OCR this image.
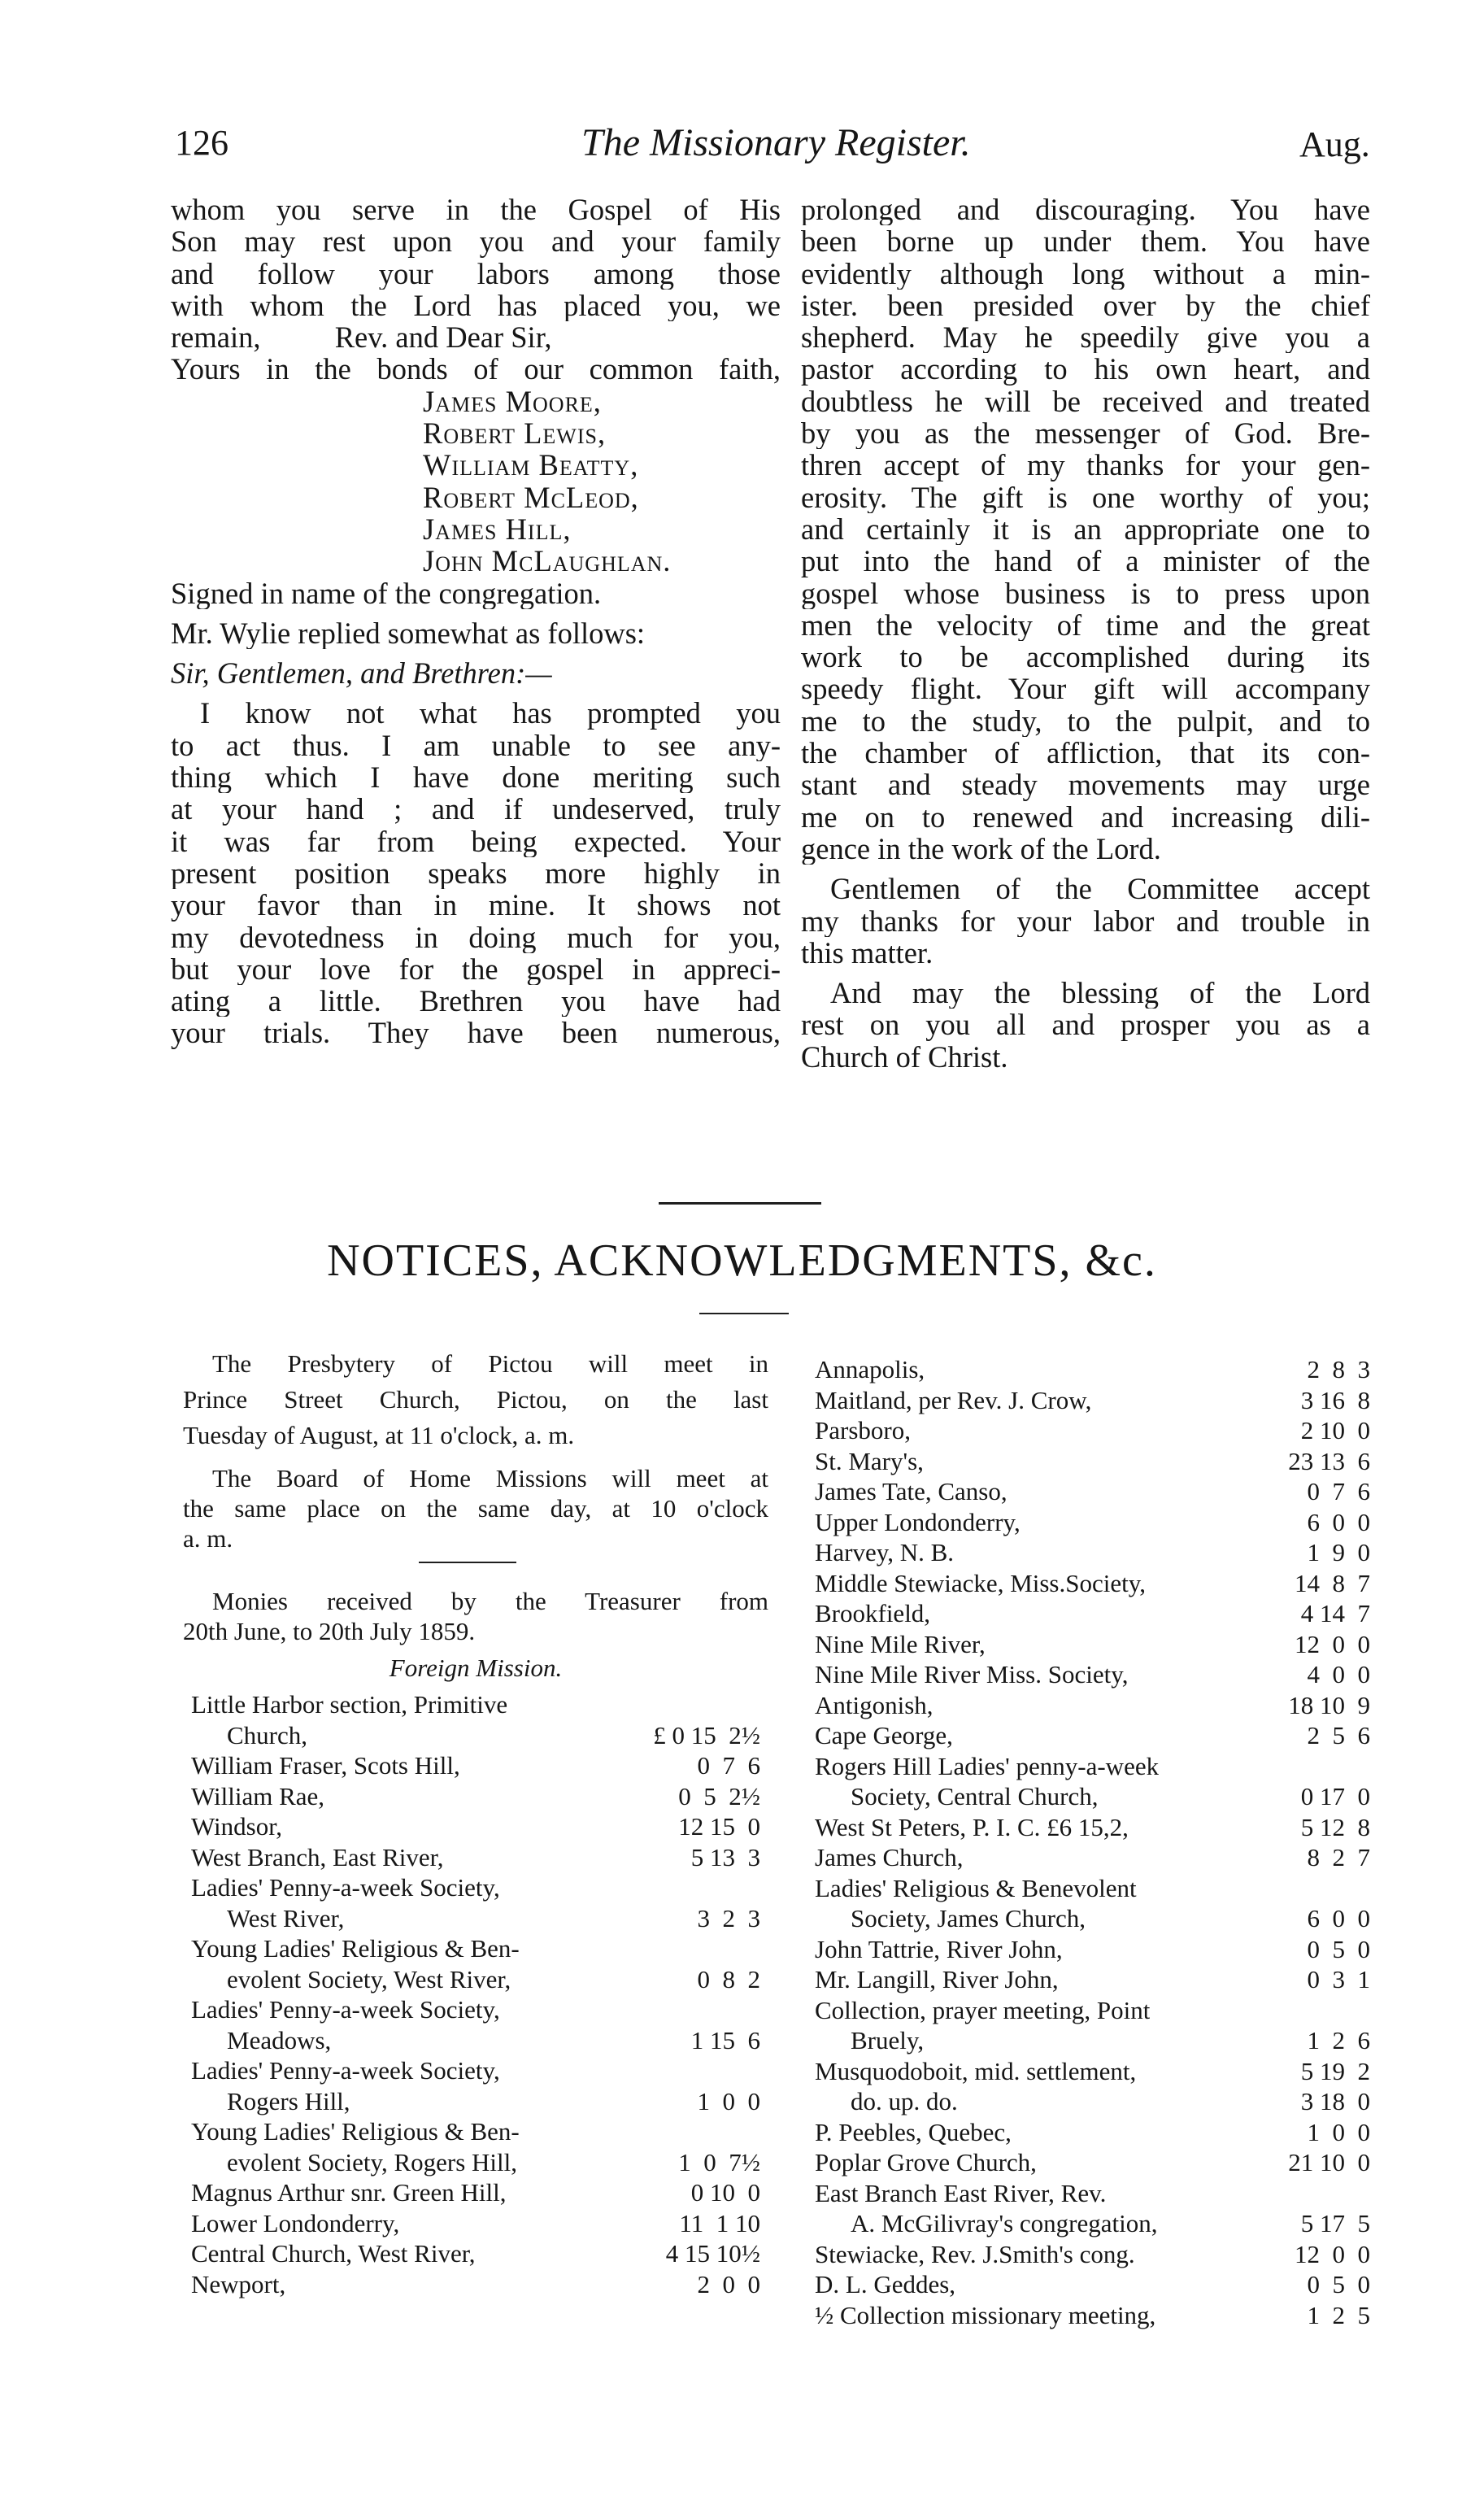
126	The Missionary Register.	Aug.
whom you serve in the Gospel of His
Son may rest upon you and your family
and follow your labors among those
with whom the Lord has placed you, we
remain,          Rev. and Dear Sir,
Yours in the bonds of our common faith,
James Moore,
Robert Lewis,
William Beatty,
Robert McLeod,
James Hill,
John McLaughlan.
Signed in name of the congregation.
Mr. Wylie replied somewhat as follows:
Sir, Gentlemen, and Brethren:—
I know not what has prompted you
to act thus. I am unable to see any-
thing which I have done meriting such
at your hand ; and if undeserved, truly
it was far from being expected. Your
present position speaks more highly in
your favor than in mine. It shows not
my devotedness in doing much for you,
but your love for the gospel in appreci-
ating a little. Brethren you have had
your trials. They have been numerous,
prolonged and discouraging. You have
been borne up under them. You have
evidently although long without a min-
ister. been presided over by the chief
shepherd. May he speedily give you a
pastor according to his own heart, and
doubtless he will be received and treated
by you as the messenger of God. Bre-
thren accept of my thanks for your gen-
erosity. The gift is one worthy of you;
and certainly it is an appropriate one to
put into the hand of a minister of the
gospel whose business is to press upon
men the velocity of time and the great
work to be accomplished during its
speedy flight. Your gift will accompany
me to the study, to the pulpit, and to
the chamber of affliction, that its con-
stant and steady movements may urge
me on to renewed and increasing dili-
gence in the work of the Lord.
Gentlemen of the Committee accept
my thanks for your labor and trouble in
this matter.
And may the blessing of the Lord
rest on you all and prosper you as a
Church of Christ.
NOTICES, ACKNOWLEDGMENTS, &c.
The Presbytery of Pictou will meet in
Prince Street Church, Pictou, on the last
Tuesday of August, at 11 o'clock, a. m.
The Board of Home Missions will meet at
the same place on the same day, at 10 o'clock
a. m.
Monies received by the Treasurer from
20th June, to 20th July 1859.
Foreign Mission.
Little Harbor section, Primitive
Church,	£ 0 15  2½
William Fraser, Scots Hill,	0  7  6
William Rae,	0  5  2½
Windsor,	12 15  0
West Branch, East River,	5 13  3
Ladies' Penny-a-week Society,
West River,	3  2  3
Young Ladies' Religious & Ben-
evolent Society, West River,	0  8  2
Ladies' Penny-a-week Society,
Meadows,	1 15  6
Ladies' Penny-a-week Society,
Rogers Hill,	1  0  0
Young Ladies' Religious & Ben-
evolent Society, Rogers Hill,	1  0  7½
Magnus Arthur snr. Green Hill,	0 10  0
Lower Londonderry,	11  1 10
Central Church, West River,	4 15 10½
Newport,	2  0  0
Annapolis,	2  8  3
Maitland, per Rev. J. Crow,	3 16  8
Parsboro,	2 10  0
St. Mary's,	23 13  6
James Tate, Canso,	0  7  6
Upper Londonderry,	6  0  0
Harvey, N. B.	1  9  0
Middle Stewiacke, Miss.Society,	14  8  7
Brookfield,	4 14  7
Nine Mile River,	12  0  0
Nine Mile River Miss. Society,	4  0  0
Antigonish,	18 10  9
Cape George,	2  5  6
Rogers Hill Ladies' penny-a-week
Society, Central Church,	0 17  0
West St Peters, P. I. C. £6 15,2,	5 12  8
James Church,	8  2  7
Ladies' Religious & Benevolent
Society, James Church,	6  0  0
John Tattrie, River John,	0  5  0
Mr. Langill, River John,	0  3  1
Collection, prayer meeting, Point
Bruely,	1  2  6
Musquodoboit, mid. settlement,	5 19  2
do. up. do.	3 18  0
P. Peebles, Quebec,	1  0  0
Poplar Grove Church,	21 10  0
East Branch East River, Rev.
A. McGilivray's congregation,	5 17  5
Stewiacke, Rev. J.Smith's cong.	12  0  0
D. L. Geddes,	0  5  0
½ Collection missionary meeting,	1  2  5
